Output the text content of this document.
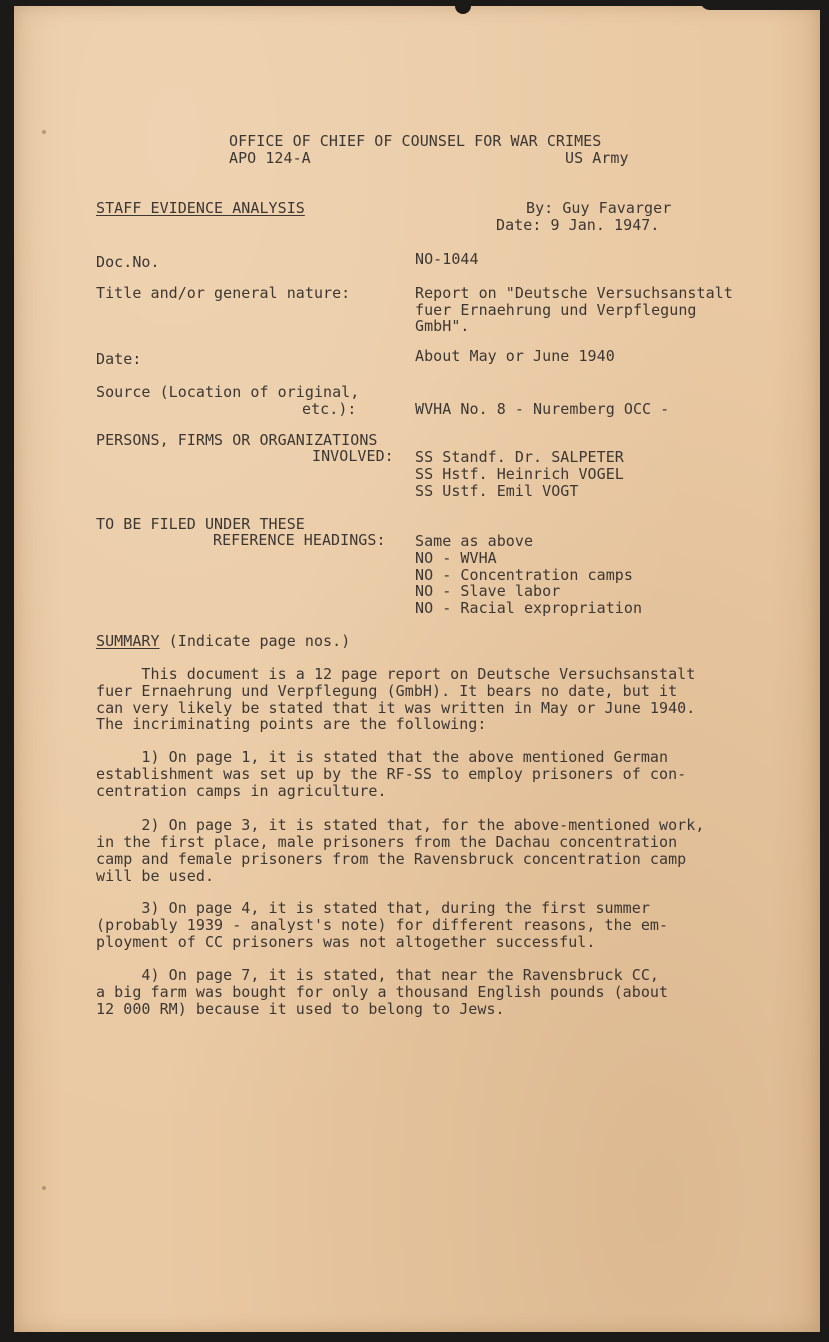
OFFICE OF CHIEF OF COUNSEL FOR WAR CRIMES
APO 124-A	US Army
STAFF EVIDENCE ANALYSIS	By: Guy Favarger
Date: 9 Jan. 1947.
Doc.No.	NO-1044
Title and/or general nature:	Report on "Deutsche Versuchsanstalt
fuer Ernaehrung und Verpflegung
GmbH".
Date:	About May or June 1940
Source (Location of original,
etc.):	WVHA No. 8 - Nuremberg OCC -
PERSONS, FIRMS OR ORGANIZATIONS
INVOLVED: SS Standf. Dr. SALPETER
SS Hstf. Heinrich VOGEL
SS Ustf. Emil VOGT
TO BE FILED UNDER THESE
REFERENCE HEADINGS: Same as above
NO - WVHA
NO - Concentration camps
NO - Slave labor
NO - Racial expropriation
SUMMARY (Indicate page nos.)
This document is a 12 page report on Deutsche Versuchsanstalt
fuer Ernaehrung und Verpflegung (GmbH). It bears no date, but it
can very likely be stated that it was written in May or June 1940.
The incriminating points are the following:
1) On page 1, it is stated that the above mentioned German
establishment was set up by the RF-SS to employ prisoners of con-
centration camps in agriculture.
2) On page 3, it is stated that, for the above-mentioned work,
in the first place, male prisoners from the Dachau concentration
camp and female prisoners from the Ravensbruck concentration camp
will be used.
3) On page 4, it is stated that, during the first summer
(probably 1939 - analyst's note) for different reasons, the em-
ployment of CC prisoners was not altogether successful.
4) On page 7, it is stated, that near the Ravensbruck CC,
a big farm was bought for only a thousand English pounds (about
12 000 RM) because it used to belong to Jews.
